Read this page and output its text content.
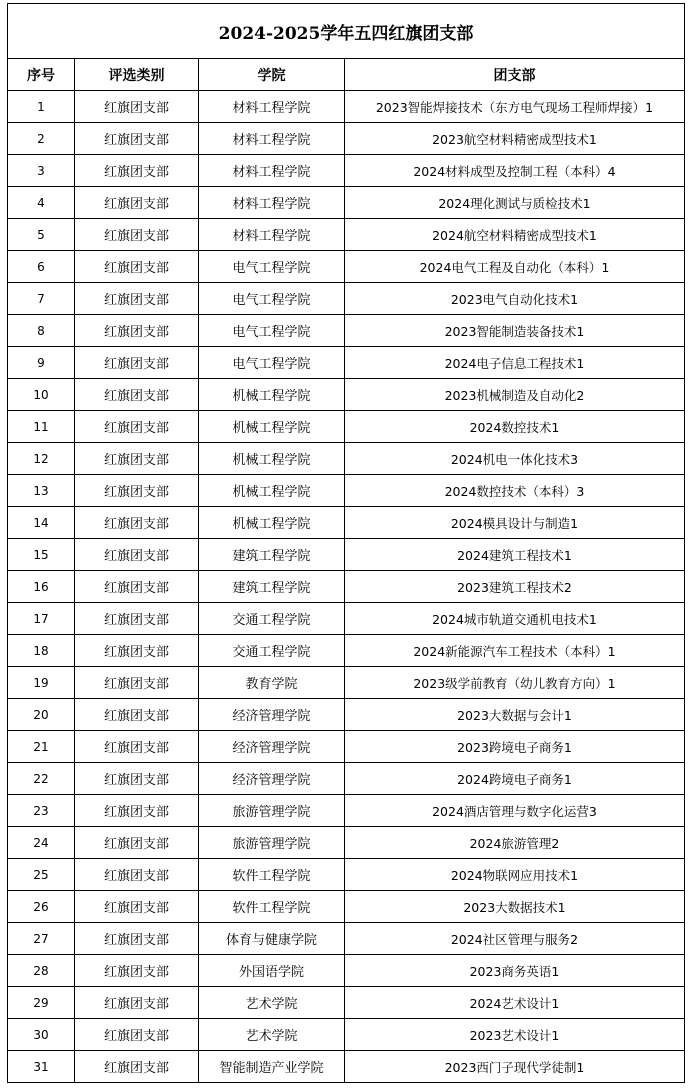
2024-2025学年五四红旗团支部			
序号	评选类别	学院	团支部
1	红旗团支部	材料工程学院	2023智能焊接技术（东方电气现场工程师焊接）1
2	红旗团支部	材料工程学院	2023航空材料精密成型技术1
3	红旗团支部	材料工程学院	2024材料成型及控制工程（本科）4
4	红旗团支部	材料工程学院	2024理化测试与质检技术1
5	红旗团支部	材料工程学院	2024航空材料精密成型技术1
6	红旗团支部	电气工程学院	2024电气工程及自动化（本科）1
7	红旗团支部	电气工程学院	2023电气自动化技术1
8	红旗团支部	电气工程学院	2023智能制造装备技术1
9	红旗团支部	电气工程学院	2024电子信息工程技术1
10	红旗团支部	机械工程学院	2023机械制造及自动化2
11	红旗团支部	机械工程学院	2024数控技术1
12	红旗团支部	机械工程学院	2024机电一体化技术3
13	红旗团支部	机械工程学院	2024数控技术（本科）3
14	红旗团支部	机械工程学院	2024模具设计与制造1
15	红旗团支部	建筑工程学院	2024建筑工程技术1
16	红旗团支部	建筑工程学院	2023建筑工程技术2
17	红旗团支部	交通工程学院	2024城市轨道交通机电技术1
18	红旗团支部	交通工程学院	2024新能源汽车工程技术（本科）1
19	红旗团支部	教育学院	2023级学前教育（幼儿教育方向）1
20	红旗团支部	经济管理学院	2023大数据与会计1
21	红旗团支部	经济管理学院	2023跨境电子商务1
22	红旗团支部	经济管理学院	2024跨境电子商务1
23	红旗团支部	旅游管理学院	2024酒店管理与数字化运营3
24	红旗团支部	旅游管理学院	2024旅游管理2
25	红旗团支部	软件工程学院	2024物联网应用技术1
26	红旗团支部	软件工程学院	2023大数据技术1
27	红旗团支部	体育与健康学院	2024社区管理与服务2
28	红旗团支部	外国语学院	2023商务英语1
29	红旗团支部	艺术学院	2024艺术设计1
30	红旗团支部	艺术学院	2023艺术设计1
31	红旗团支部	智能制造产业学院	2023西门子现代学徒制1
